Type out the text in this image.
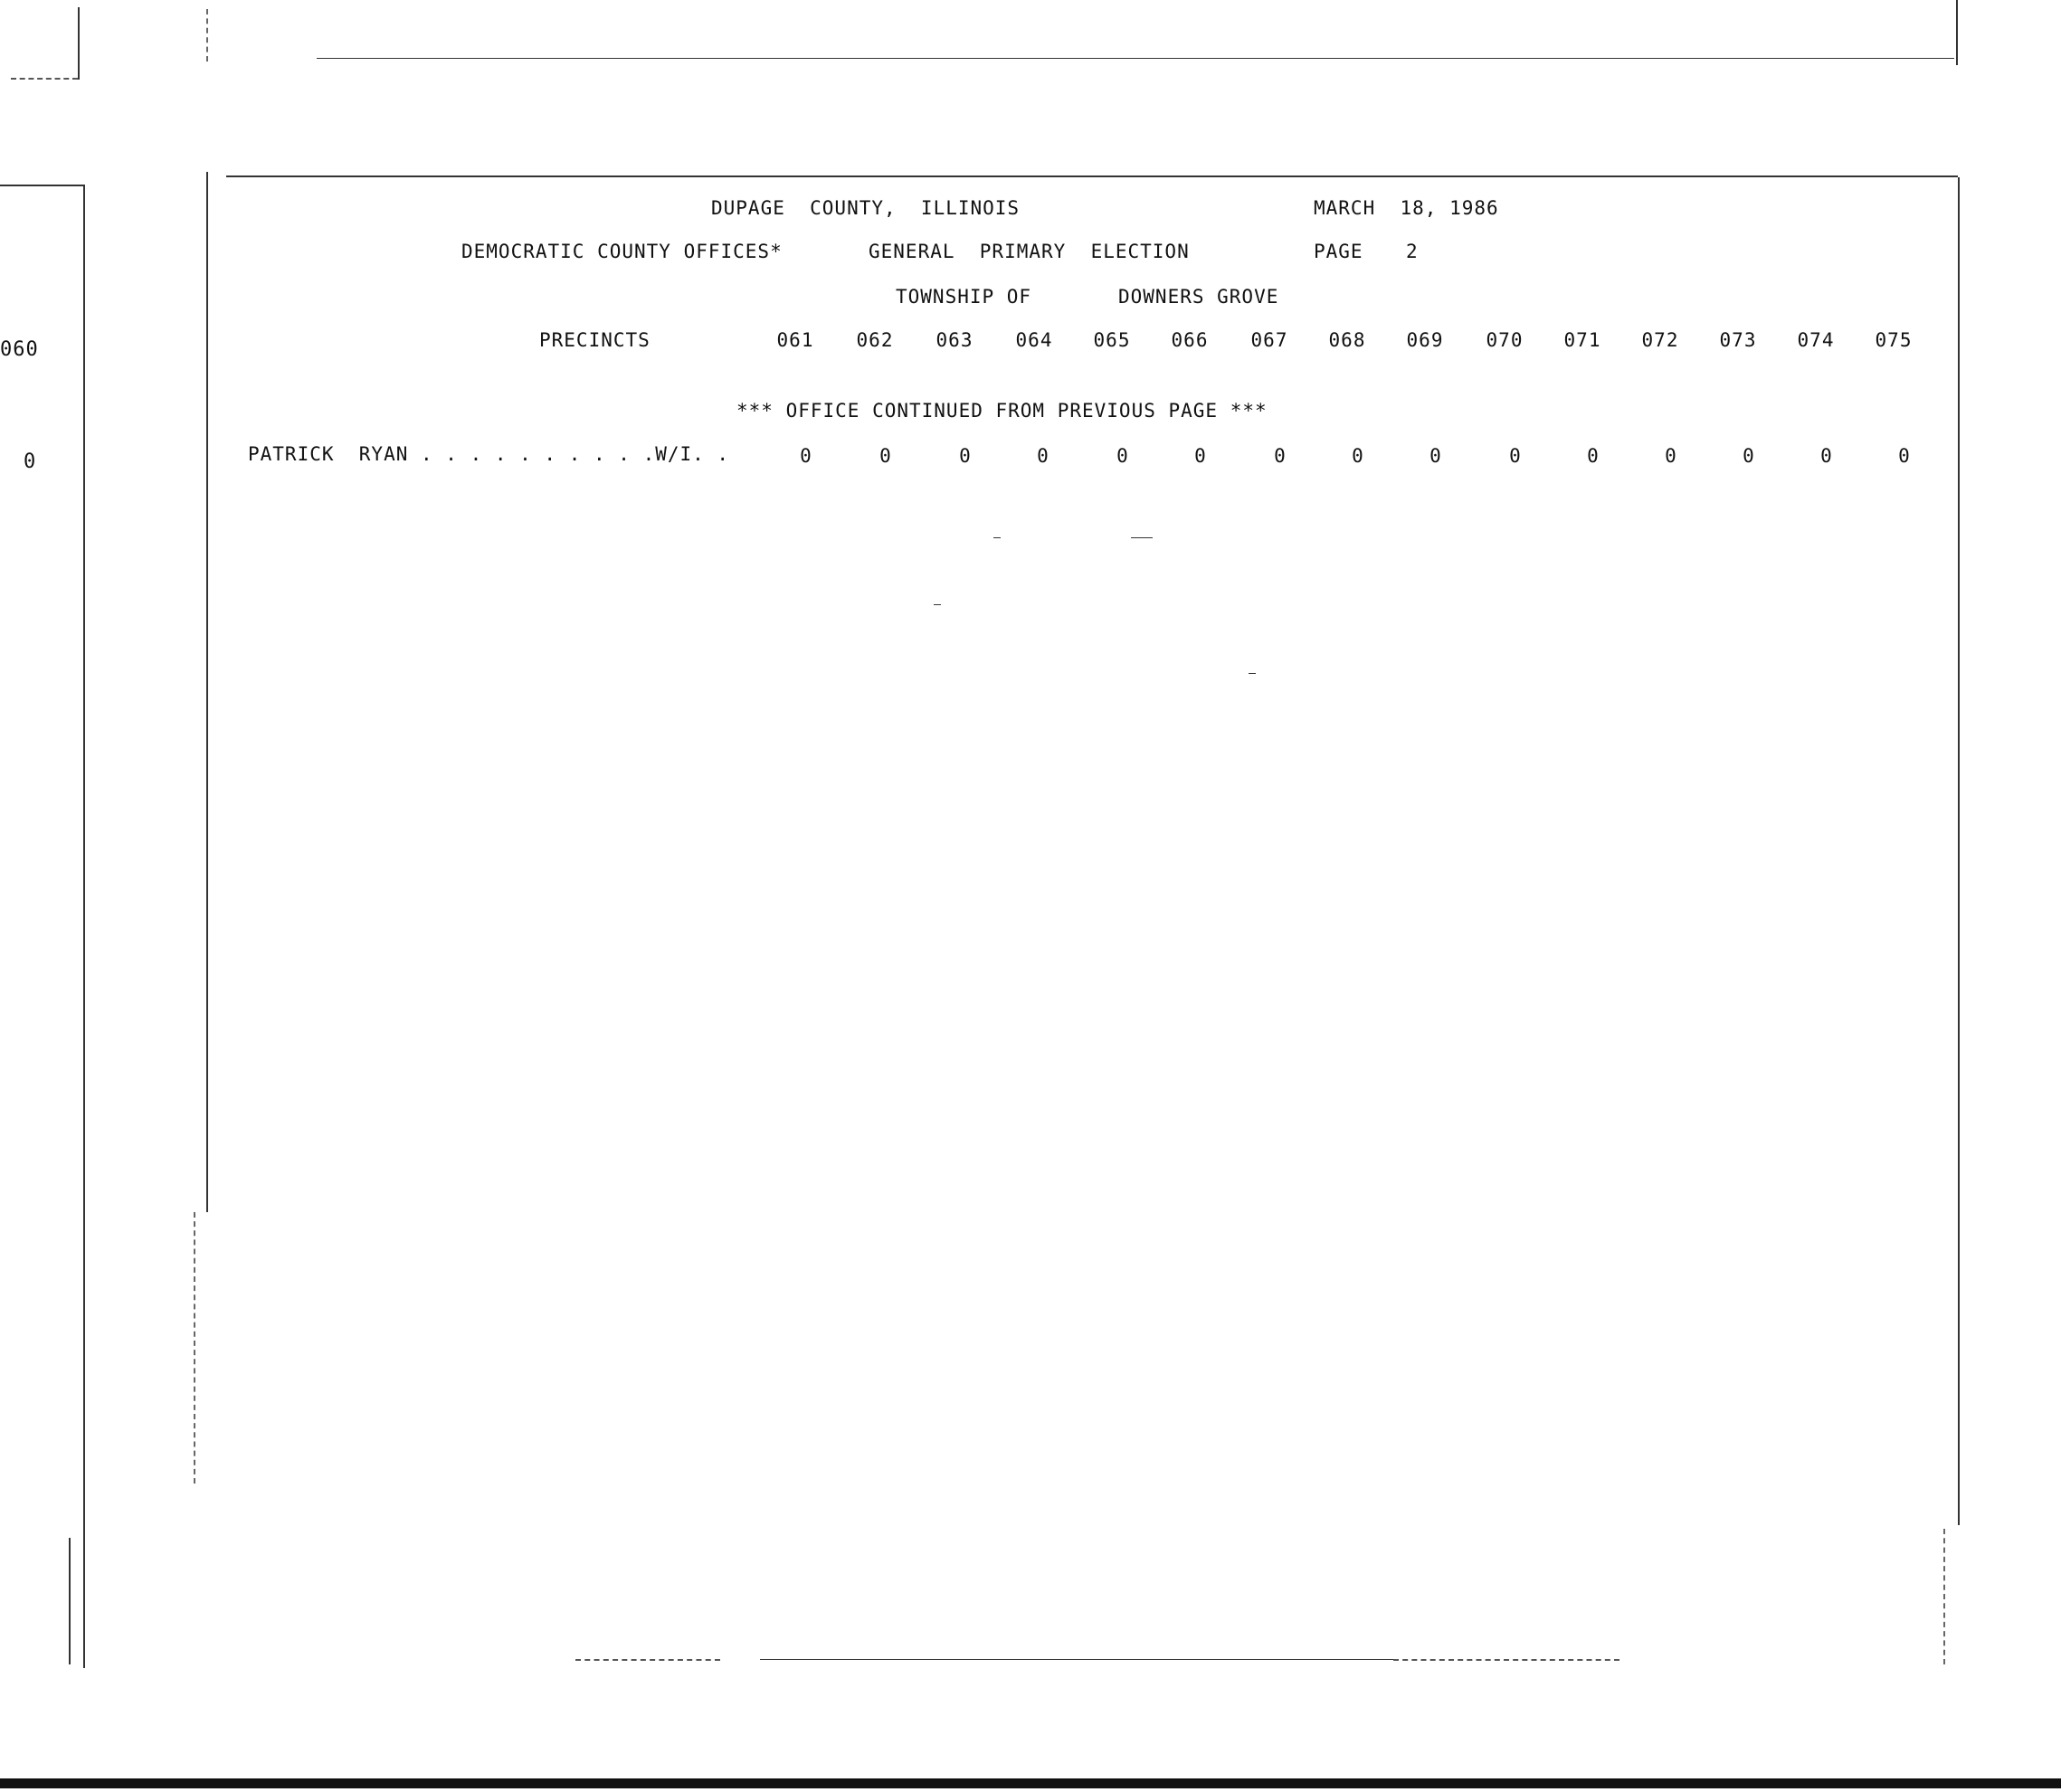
060
0
DUPAGE  COUNTY,  ILLINOIS	MARCH  18, 1986
DEMOCRATIC COUNTY OFFICES*	GENERAL  PRIMARY  ELECTION	PAGE 2
TOWNSHIP OF	DOWNERS GROVE
PRECINCTS	061	062	063	064	065	066	067	068	069	070	071	072	073	074	075
*** OFFICE CONTINUED FROM PREVIOUS PAGE ***
PATRICK  RYAN . . . . . . . . . .W/I. .	0	0	0	0	0	0	0	0	0	0	0	0	0	0	0
